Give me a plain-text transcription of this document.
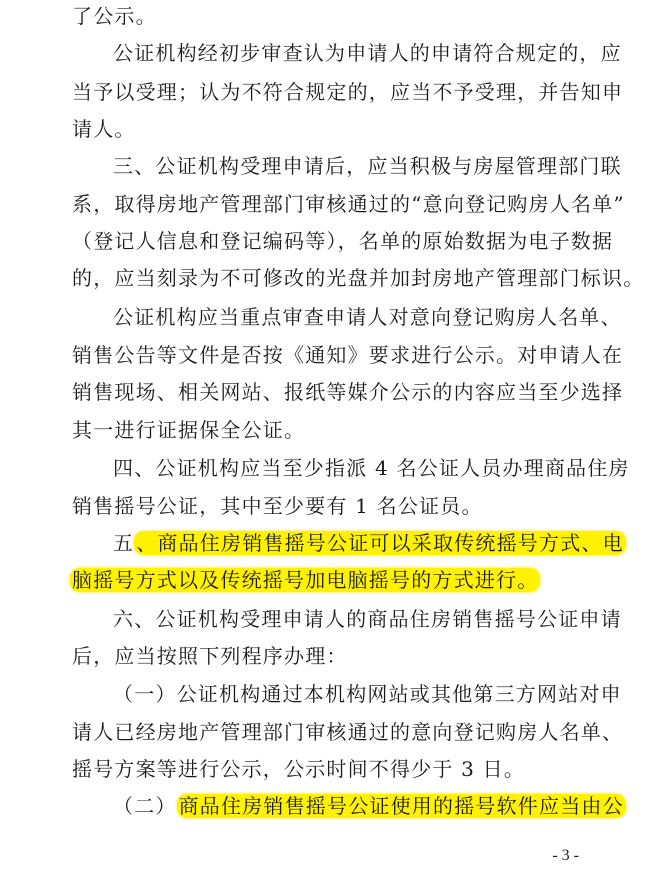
了公示。
公证机构经初步审查认为申请人的申请符合规定的，应
当予以受理；认为不符合规定的，应当不予受理，并告知申
请人。
三、公证机构受理申请后，应当积极与房屋管理部门联
系，取得房地产管理部门审核通过的“意向登记购房人名单”
（登记人信息和登记编码等），名单的原始数据为电子数据
的，应当刻录为不可修改的光盘并加封房地产管理部门标识。
公证机构应当重点审查申请人对意向登记购房人名单、
销售公告等文件是否按《通知》要求进行公示。对申请人在
销售现场、相关网站、报纸等媒介公示的内容应当至少选择
其一进行证据保全公证。
四、公证机构应当至少指派 4 名公证人员办理商品住房
销售摇号公证，其中至少要有 1 名公证员。
五 、商品住房销售摇号公证可以采取传统摇号方式、电
脑摇号方式以及传统摇号加电脑摇号的方式进行。
六、公证机构受理申请人的商品住房销售摇号公证申请
后，应当按照下列程序办理：
（一）公证机构通过本机构网站或其他第三方网站对申
请人已经房地产管理部门审核通过的意向登记购房人名单、
摇号方案等进行公示，公示时间不得少于 3 日。
（二） 商品住房销售摇号公证使用的摇号软件应当由公
- 3 -
